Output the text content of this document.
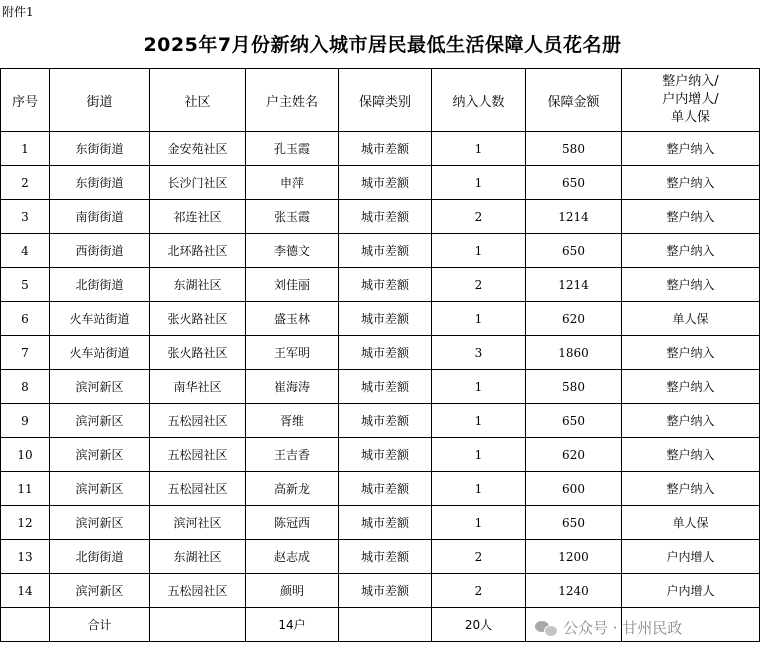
附件1
2025年7月份新纳入城市居民最低生活保障人员花名册
序号	街道	社区	户主姓名	保障类别	纳入人数	保障金额	整户纳入/
户内增人/
单人保

1	东街街道	金安苑社区	孔玉霞	城市差额	1	580	整户纳入
2	东街街道	长沙门社区	申萍	城市差额	1	650	整户纳入
3	南街街道	祁连社区	张玉霞	城市差额	2	1214	整户纳入
4	西街街道	北环路社区	李德文	城市差额	1	650	整户纳入
5	北街街道	东湖社区	刘佳丽	城市差额	2	1214	整户纳入
6	火车站街道	张火路社区	盛玉林	城市差额	1	620	单人保
7	火车站街道	张火路社区	王军明	城市差额	3	1860	整户纳入
8	滨河新区	南华社区	崔海涛	城市差额	1	580	整户纳入
9	滨河新区	五松园社区	胥维	城市差额	1	650	整户纳入
10	滨河新区	五松园社区	王吉香	城市差额	1	620	整户纳入
11	滨河新区	五松园社区	高新龙	城市差额	1	600	整户纳入
12	滨河新区	滨河社区	陈冠西	城市差额	1	650	单人保
13	北街街道	东湖社区	赵志成	城市差额	2	1200	户内增人
14	滨河新区	五松园社区	颜明	城市差额	2	1240	户内增人
	合计		14户		20人			公众号 · 甘州民政
